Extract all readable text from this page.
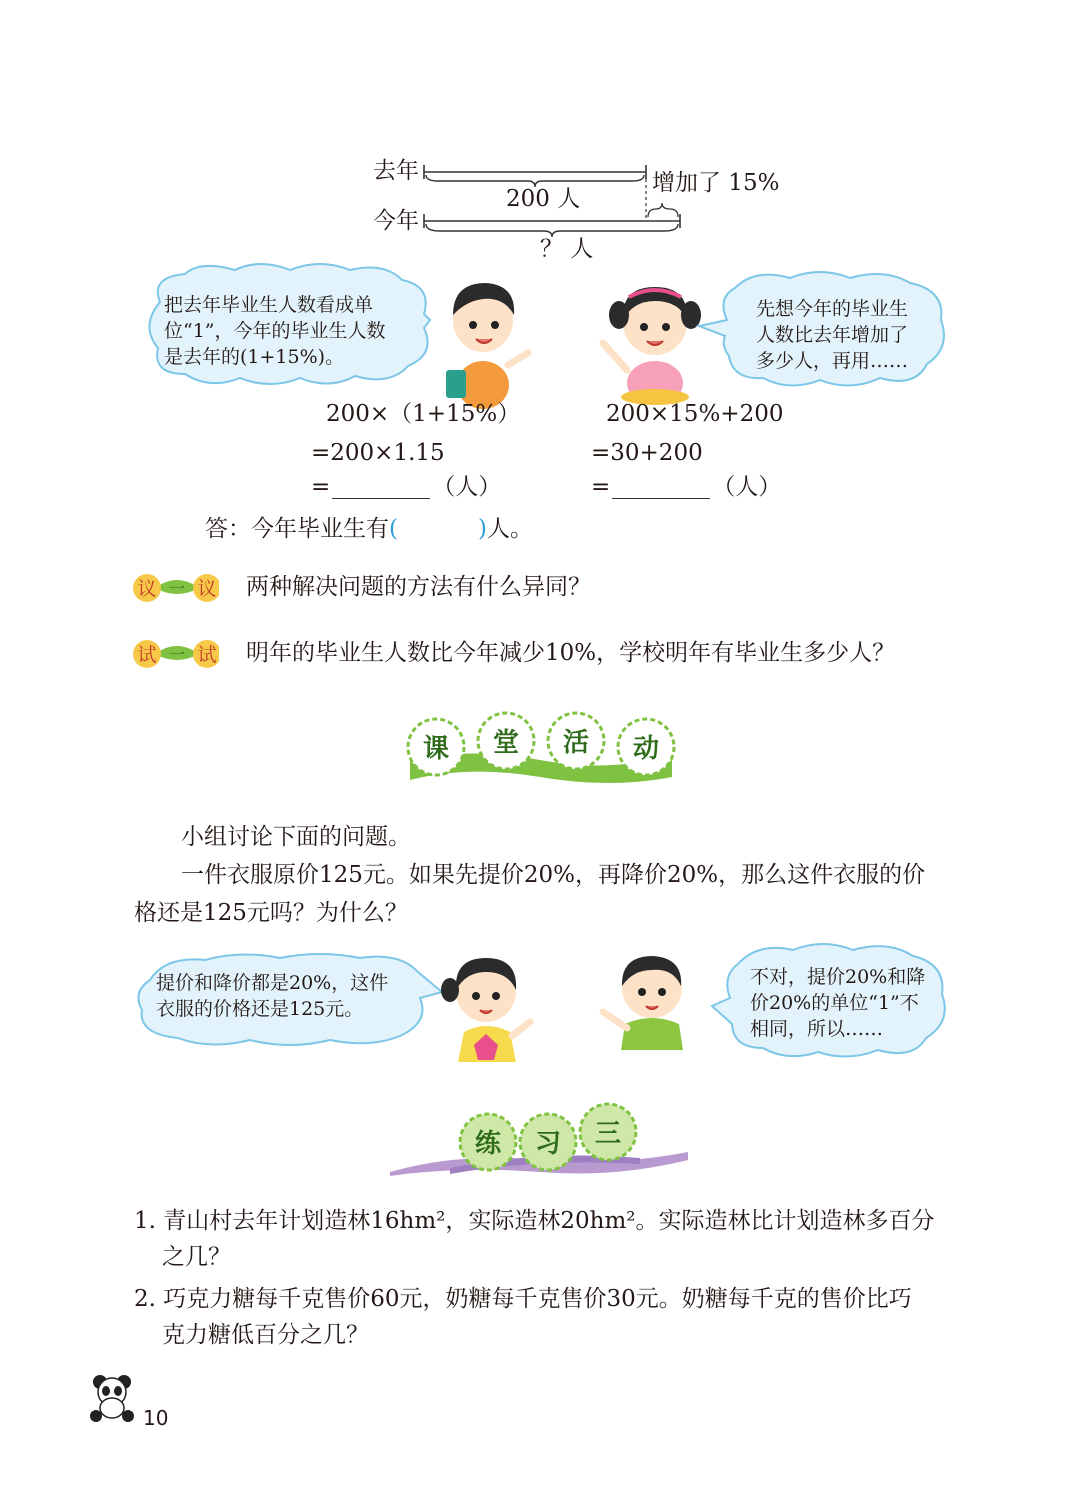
去年
今年
200 人
增加了 15%
？ 人
把去年毕业生人数看成单
位“1”，今年的毕业生人数
是去年的(1+15%)。
先想今年的毕业生
人数比去年增加了
多少人，再用……
200×（1+15%）
=200×1.15
=	（人）
200×15%+200
=30+200
=	（人）
答：今年毕业生有(	)人。
议 一 议 两种解决问题的方法有什么异同？
试 一 试 明年的毕业生人数比今年减少10%，学校明年有毕业生多少人？
课 堂 活 动
小组讨论下面的问题。
一件衣服原价125元。如果先提价20%，再降价20%，那么这件衣服的价
格还是125元吗？为什么？
提价和降价都是20%，这件
衣服的价格还是125元。
不对，提价20%和降
价20%的单位“1”不
相同，所以……
练 习 三
1. 青山村去年计划造林16hm²，实际造林20hm²。实际造林比计划造林多百分
之几？
2. 巧克力糖每千克售价60元，奶糖每千克售价30元。奶糖每千克的售价比巧
克力糖低百分之几？
10
